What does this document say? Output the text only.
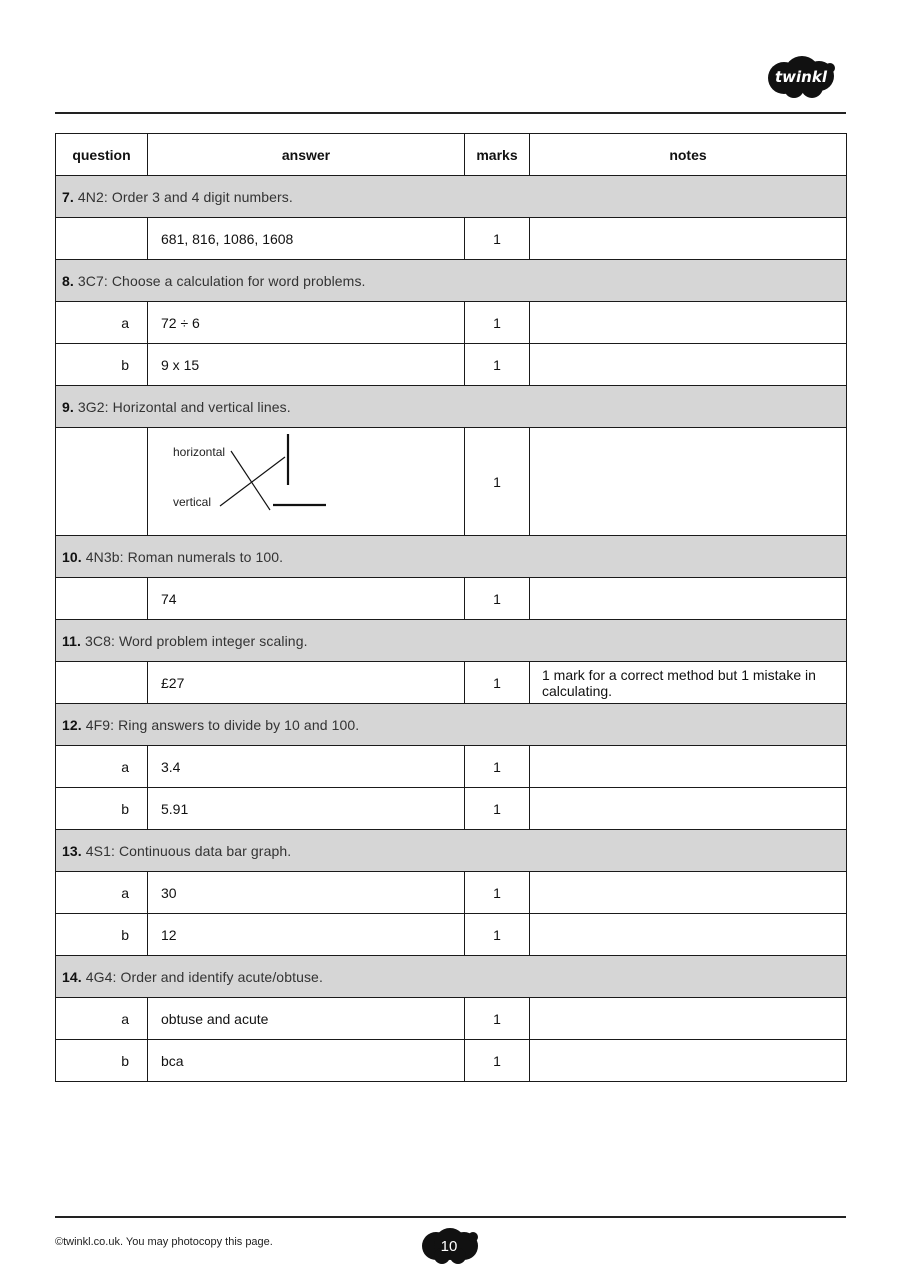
twinkl
question	answer	marks	notes
7. 4N2: Order 3 and 4 digit numbers.			
	681, 816, 1086, 1608	1	
8. 3C7: Choose a calculation for word problems.			
a	72 ÷ 6	1	
b	9 x 15	1	
9. 3G2: Horizontal and vertical lines.			

horizontal
vertical	1	
10. 4N3b: Roman numerals to 100.			
	74	1	
11. 3C8: Word problem integer scaling.			
	£27	1	1 mark for a correct method but 1 mistake in calculating.
12. 4F9: Ring answers to divide by 10 and 100.			
a	3.4	1	
b	5.91	1	
13. 4S1: Continuous data bar graph.			
a	30	1	
b	12	1	
14. 4G4: Order and identify acute/obtuse.			
a	obtuse and acute	1	
b	bca	1	
©twinkl.co.uk. You may photocopy this page.	10
